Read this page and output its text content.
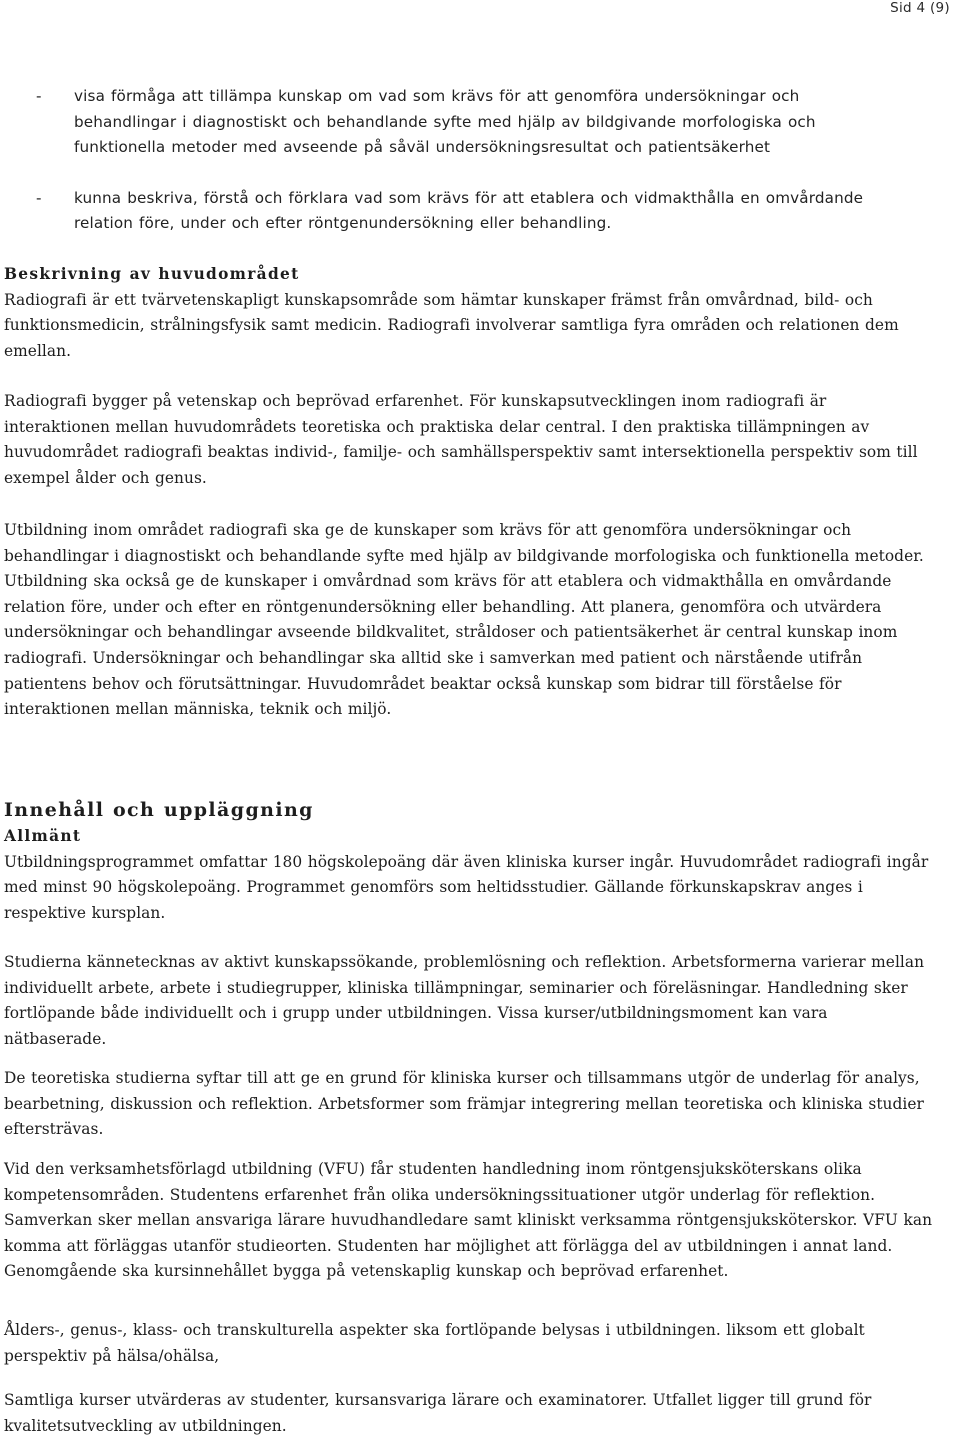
Sid 4 (9)
- visa förmåga att tillämpa kunskap om vad som krävs för att genomföra undersökningar och behandlingar i diagnostiskt och behandlande syfte med hjälp av bildgivande morfologiska och funktionella metoder med avseende på såväl undersökningsresultat och patientsäkerhet
- kunna beskriva, förstå och förklara vad som krävs för att etablera och vidmakthålla en omvårdande relation före, under och efter röntgenundersökning eller behandling.
Beskrivning av huvudområdet

Radiografi är ett tvärvetenskapligt kunskapsområde som hämtar kunskaper främst från omvårdnad, bild- och funktionsmedicin, strålningsfysik samt medicin. Radiografi involverar samtliga fyra områden och relationen dem emellan.

Radiografi bygger på vetenskap och beprövad erfarenhet. För kunskapsutvecklingen inom radiografi är interaktionen mellan huvudområdets teoretiska och praktiska delar central. I den praktiska tillämpningen av huvudområdet radiografi beaktas individ-, familje- och samhällsperspektiv samt intersektionella perspektiv som till exempel ålder och genus.

Utbildning inom området radiografi ska ge de kunskaper som krävs för att genomföra undersökningar och behandlingar i diagnostiskt och behandlande syfte med hjälp av bildgivande morfologiska och funktionella metoder. Utbildning ska också ge de kunskaper i omvårdnad som krävs för att etablera och vidmakthålla en omvårdande relation före, under och efter en röntgenundersökning eller behandling. Att planera, genomföra och utvärdera undersökningar och behandlingar avseende bildkvalitet, stråldoser och patientsäkerhet är central kunskap inom radiografi. Undersökningar och behandlingar ska alltid ske i samverkan med patient och närstående utifrån patientens behov och förutsättningar. Huvudområdet beaktar också kunskap som bidrar till förståelse för interaktionen mellan människa, teknik och miljö.

Innehåll och uppläggning
Allmänt

Utbildningsprogrammet omfattar 180 högskolepoäng där även kliniska kurser ingår. Huvudområdet radiografi ingår med minst 90 högskolepoäng. Programmet genomförs som heltidsstudier. Gällande förkunskapskrav anges i respektive kursplan.

Studierna kännetecknas av aktivt kunskapssökande, problemlösning och reflektion. Arbetsformerna varierar mellan individuellt arbete, arbete i studiegrupper, kliniska tillämpningar, seminarier och föreläsningar. Handledning sker fortlöpande både individuellt och i grupp under utbildningen. Vissa kurser/utbildningsmoment kan vara nätbaserade.

De teoretiska studierna syftar till att ge en grund för kliniska kurser och tillsammans utgör de underlag för analys, bearbetning, diskussion och reflektion. Arbetsformer som främjar integrering mellan teoretiska och kliniska studier eftersträvas.

Vid den verksamhetsförlagd utbildning (VFU) får studenten handledning inom röntgensjuksköterskans olika kompetensområden. Studentens erfarenhet från olika undersökningssituationer utgör underlag för reflektion. Samverkan sker mellan ansvariga lärare huvudhandledare samt kliniskt verksamma röntgensjuksköterskor. VFU kan komma att förläggas utanför studieorten. Studenten har möjlighet att förlägga del av utbildningen i annat land. Genomgående ska kursinnehållet bygga på vetenskaplig kunskap och beprövad erfarenhet.

Ålders-, genus-, klass- och transkulturella aspekter ska fortlöpande belysas i utbildningen. liksom ett globalt perspektiv på hälsa/ohälsa,

Samtliga kurser utvärderas av studenter, kursansvariga lärare och examinatorer. Utfallet ligger till grund för kvalitetsutveckling av utbildningen.
